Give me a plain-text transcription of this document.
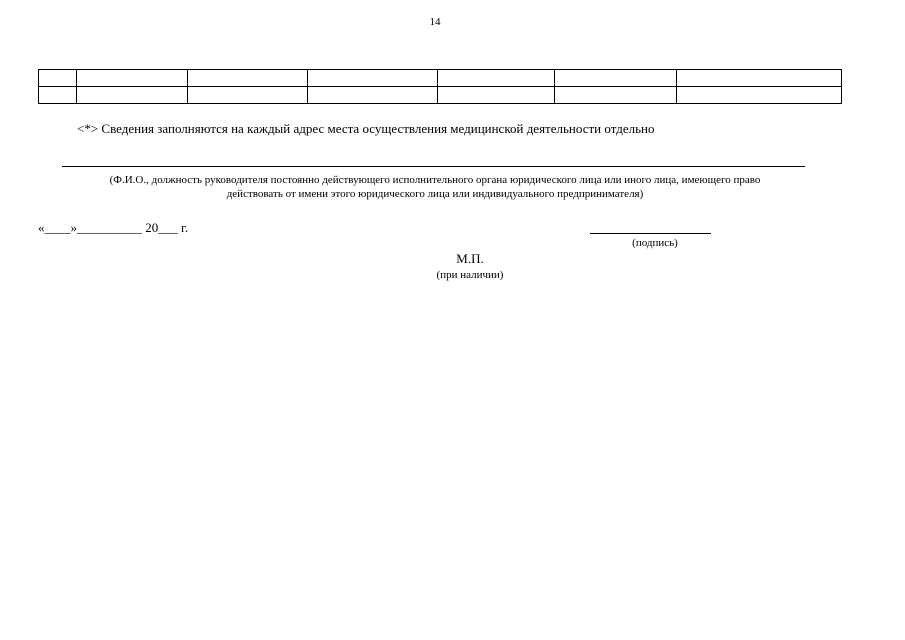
14

<*> Сведения заполняются на каждый адрес места осуществления медицинской деятельности отдельно
(Ф.И.О., должность руководителя постоянно действующего исполнительного органа юридического лица или иного лица, имеющего право
действовать от имени этого юридического лица или индивидуального предпринимателя)
«____»__________ 20___ г.
(подпись)
М.П.
(при наличии)
